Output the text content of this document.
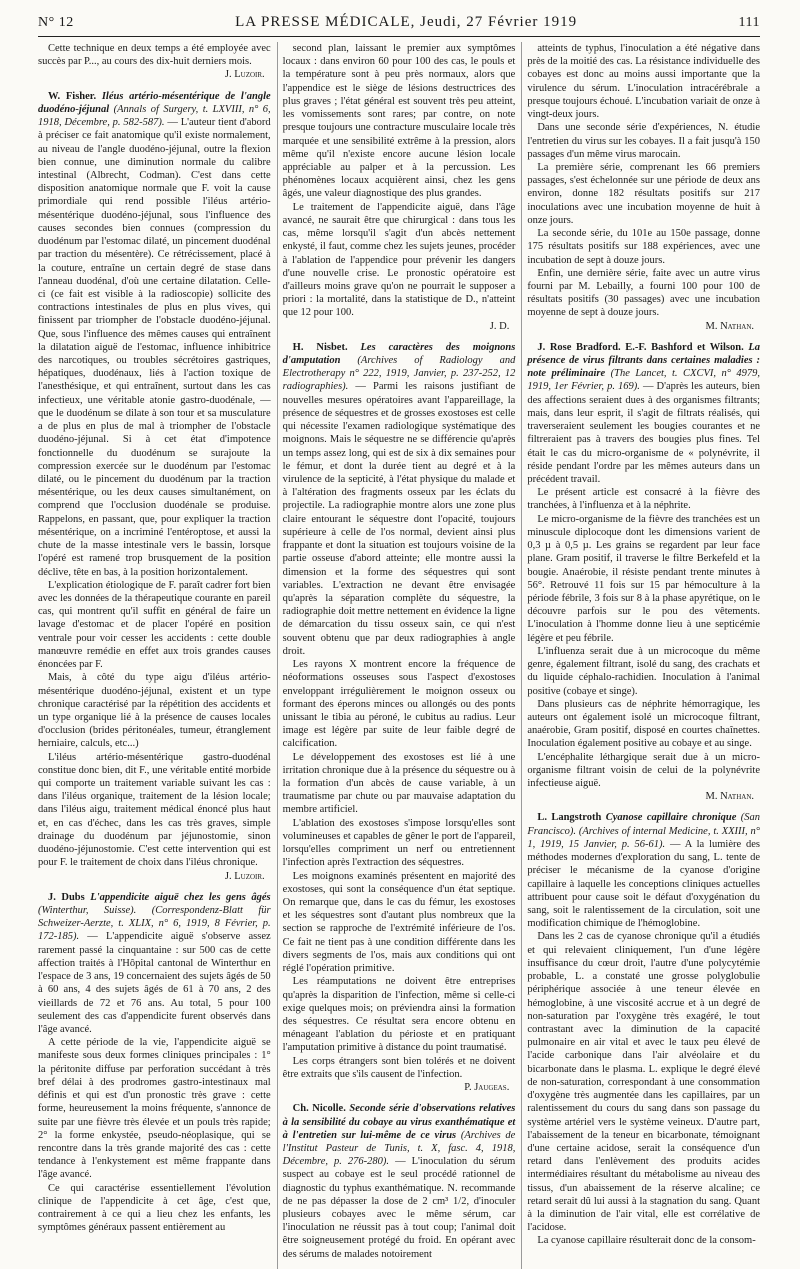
N° 12	LA PRESSE MÉDICALE, Jeudi, 27 Février 1919	111

Cette technique en deux temps a été employée avec succès par P..., au cours des dix-huit derniers mois.

J. Luzoir.

W. Fisher. Iléus artério-mésentérique de l'angle duodéno-jéjunal (Annals of Surgery, t. LXVIII, n° 6, 1918, Décembre, p. 582-587). — L'auteur tient d'abord à préciser ce fait anatomique qu'il existe normalement, au niveau de l'angle duodéno-jéjunal, outre la flexion bien connue, une diminution normale du calibre intestinal (Albrecht, Codman). C'est dans cette disposition anatomique normale que F. voit la cause primordiale qui rend possible l'iléus artério-mésentérique duodéno-jéjunal, sous l'influence des causes secondes bien connues (compression du duodénum par l'estomac dilaté, un pincement duodénal par traction du mésentère). Ce rétrécissement, placé à la couture, entraîne un certain degré de stase dans l'anneau duodénal, d'où une certaine dilatation. Celle-ci (ce fait est visible à la radioscopie) sollicite des contractions intestinales de plus en plus vives, qui finissent par triompher de l'obstacle duodéno-jéjunal. Que, sous l'influence des mêmes causes qui entraînent la dilatation aiguë de l'estomac, influence inhibitrice des narcotiques, ou troubles sécrétoires gastriques, hépatiques, duodénaux, liés à l'action toxique de l'anesthésique, et qui entraînent, surtout dans les cas infectieux, une véritable atonie gastro-duodénale, — que le duodénum se dilate à son tour et sa musculature a de plus en plus de mal à triompher de l'obstacle duodéno-jéjunal. Si à cet état d'impotence fonctionnelle du duodénum se surajoute la compression exercée sur le duodénum par l'estomac dilaté, ou le pincement du duodénum par la traction mésentérique, ou les deux causes simultanément, on comprend que l'occlusion duodénale se produise. Rappelons, en passant, que, pour expliquer la traction mésentérique, on a incriminé l'entéroptose, et aussi la chute de la masse intestinale vers le bassin, lorsque l'opéré est ramené trop brusquement de la position déclive, tête en bas, à la position horizontalement.

L'explication étiologique de F. paraît cadrer fort bien avec les données de la thérapeutique courante en pareil cas, qui montrent qu'il suffit en général de faire un lavage d'estomac et de placer l'opéré en position ventrale pour voir cesser les accidents : cette double manœuvre remédie en effet aux trois grandes causes énoncées par F.

Mais, à côté du type aigu d'iléus artério-mésentérique duodéno-jéjunal, existent et un type chronique caractérisé par la répétition des accidents et un type organique lié à la présence de causes locales d'occlusion (brides péritonéales, tumeur, étranglement herniaire, calculs, etc...)

L'iléus artério-mésentérique gastro-duodénal constitue donc bien, dit F., une véritable entité morbide qui comporte un traitement variable suivant les cas : dans l'iléus organique, traitement de la lésion locale; dans l'iléus aigu, traitement médical énoncé plus haut et, en cas d'échec, dans les cas très graves, simple drainage du duodénum par jéjunostomie, sinon duodéno-jéjunostomie. C'est cette intervention qui est pour F. le traitement de choix dans l'iléus chronique.

J. Luzoir.

J. Dubs L'appendicite aiguë chez les gens âgés (Winterthur, Suisse). (Correspondenz-Blatt für Schweizer-Aerzte, t. XLIX, n° 6, 1919, 8 Février, p. 172-185). — L'appendicite aiguë s'observe assez rarement passé la cinquantaine : sur 500 cas de cette affection traités à l'Hôpital cantonal de Winterthur en l'espace de 3 ans, 19 concernaient des sujets âgés de 50 à 60 ans, 4 des sujets âgés de 61 à 70 ans, 2 des vieillards de 72 et 76 ans. Au total, 5 pour 100 seulement des cas d'appendicite furent observés dans l'âge avancé.

A cette période de la vie, l'appendicite aiguë se manifeste sous deux formes cliniques principales : 1° la péritonite diffuse par perforation succédant à très bref délai à des prodromes gastro-intestinaux mal définis et qui est d'un pronostic très grave : cette forme, heureusement la moins fréquente, s'annonce de suite par une fièvre très élevée et un pouls très rapide; 2° la forme enkystée, pseudo-néoplasique, qui se rencontre dans la très grande majorité des cas : cette tendance à l'enkystement est même frappante dans l'âge avancé.

Ce qui caractérise essentiellement l'évolution clinique de l'appendicite à cet âge, c'est que, contrairement à ce qui a lieu chez les enfants, les symptômes généraux passent entièrement au

second plan, laissant le premier aux symptômes locaux : dans environ 60 pour 100 des cas, le pouls et la température sont à peu près normaux, alors que l'appendice est le siège de lésions destructrices des plus graves ; l'état général est souvent très peu atteint, les vomissements sont rares; par contre, on note presque toujours une contracture musculaire locale très marquée et une sensibilité extrême à la pression, alors même qu'il n'existe encore aucune lésion locale appréciable au palper et à la percussion. Les phénomènes locaux acquièrent ainsi, chez les gens âgés, une valeur diagnostique des plus grandes.

Le traitement de l'appendicite aiguë, dans l'âge avancé, ne saurait être que chirurgical : dans tous les cas, même lorsqu'il s'agit d'un abcès nettement enkysté, il faut, comme chez les sujets jeunes, procéder à l'ablation de l'appendice pour prévenir les dangers d'une nouvelle crise. Le pronostic opératoire est d'ailleurs moins grave qu'on ne pourrait le supposer a priori : la mortalité, dans la statistique de D., n'atteint que 12 pour 100.

J. D.

H. Nisbet. Les caractères des moignons d'amputation (Archives of Radiology and Electrotherapy n° 222, 1919, Janvier, p. 237-252, 12 radiographies). — Parmi les raisons justifiant de nouvelles mesures opératoires avant l'appareillage, la présence de séquestres et de grosses exostoses est celle qui nécessite l'examen radiologique systématique des moignons. Mais le séquestre ne se différencie qu'après un temps assez long, qui est de six à dix semaines pour le fémur, et dont la durée tient au degré et à la virulence de la septicité, à l'état physique du malade et à l'altération des fragments osseux par les éclats du projectile. La radiographie montre alors une zone plus claire entourant le séquestre dont l'opacité, toujours supérieure à celle de l'os normal, devient ainsi plus frappante et dont la situation est toujours voisine de la partie osseuse d'abord atteinte; elle montre aussi la dimension et la forme des séquestres qui sont variables. L'extraction ne devant être envisagée qu'après la séparation complète du séquestre, la radiographie doit mettre nettement en évidence la ligne de démarcation du tissu osseux sain, ce qui n'est souvent obtenu que par deux radiographies à angle droit.

Les rayons X montrent encore la fréquence de néoformations osseuses sous l'aspect d'exostoses enveloppant irrégulièrement le moignon osseux ou formant des éperons minces ou allongés ou des ponts unissant le tibia au péroné, le cubitus au radius. Leur image est légère par suite de leur faible degré de calcification.

Le développement des exostoses est lié à une irritation chronique due à la présence du séquestre ou à la formation d'un abcès de cause variable, à un traumatisme par chute ou par mauvaise adaptation du membre artificiel.

L'ablation des exostoses s'impose lorsqu'elles sont volumineuses et capables de gêner le port de l'appareil, lorsqu'elles compriment un nerf ou entretiennent l'infection après l'extraction des séquestres.

Les moignons examinés présentent en majorité des exostoses, qui sont la conséquence d'un état septique. On remarque que, dans le cas du fémur, les exostoses et les séquestres sont d'autant plus nombreux que la section se rapproche de l'extrémité inférieure de l'os. Ce fait ne tient pas à une condition différente dans les divers segments de l'os, mais aux conditions qui ont réglé l'opération primitive.

Les réamputations ne doivent être entreprises qu'après la disparition de l'infection, même si celle-ci exige quelques mois; on préviendra ainsi la formation des séquestres. Ce résultat sera encore obtenu en ménageant l'ablation du périoste et en pratiquant l'amputation primitive à distance du point traumatisé.

Les corps étrangers sont bien tolérés et ne doivent être extraits que s'ils causent de l'infection.

P. Jaugeas.

Ch. Nicolle. Seconde série d'observations relatives à la sensibilité du cobaye au virus exanthématique et à l'entretien sur lui-même de ce virus (Archives de l'Institut Pasteur de Tunis, t. X, fasc. 4, 1918, Décembre, p. 276-280). — L'inoculation du sérum suspect au cobaye est le seul procédé rationnel de diagnostic du typhus exanthématique. N. recommande de ne pas dépasser la dose de 2 cm³ 1/2, d'inoculer plusieurs cobayes avec le même sérum, car l'inoculation ne réussit pas à tout coup; l'animal doit être soigneusement protégé du froid. En opérant avec des sérums de malades notoirement

atteints de typhus, l'inoculation a été négative dans près de la moitié des cas. La résistance individuelle des cobayes est donc au moins aussi importante que la virulence du sérum. L'inoculation intracérébrale a presque toujours échoué. L'incubation variait de onze à vingt-deux jours.

Dans une seconde série d'expériences, N. étudie l'entretien du virus sur les cobayes. Il a fait jusqu'à 150 passages d'un même virus marocain.

La première série, comprenant les 66 premiers passages, s'est échelonnée sur une période de deux ans environ, donne 182 résultats positifs sur 217 inoculations avec une incubation moyenne de huit à onze jours.

La seconde série, du 101e au 150e passage, donne 175 résultats positifs sur 188 expériences, avec une incubation de sept à douze jours.

Enfin, une dernière série, faite avec un autre virus fourni par M. Lebailly, a fourni 100 pour 100 de résultats positifs (30 passages) avec une incubation moyenne de sept à douze jours.

M. Nathan.

J. Rose Bradford. E.-F. Bashford et Wilson. La présence de virus filtrants dans certaines maladies : note préliminaire (The Lancet, t. CXCVI, n° 4979, 1919, 1er Février, p. 169). — D'après les auteurs, bien des affections seraient dues à des organismes filtrants; mais, dans leur esprit, il s'agit de filtrats réalisés, qui traverseraient seulement les bougies courantes et ne filtreraient pas à travers des bougies plus fines. Tel était le cas du micro-organisme de « polynévrite, il réside pendant l'ordre par les mêmes auteurs dans un précédent travail.

Le présent article est consacré à la fièvre des tranchées, à l'influenza et à la néphrite.

Le micro-organisme de la fièvre des tranchées est un minuscule diplocoque dont les dimensions varient de 0,3 µ à 0,5 µ. Les grains se regardent par leur face plane. Gram positif, il traverse le filtre Berkefeld et la bougie. Anaérobie, il résiste pendant trente minutes à 56°. Retrouvé 11 fois sur 15 par hémoculture à la période fébrile, 3 fois sur 8 à la phase apyrétique, on le découvre parfois sur le pou des vêtements. L'inoculation à l'homme donne lieu à une septicémie légère et peu fébrile.

L'influenza serait due à un microcoque du même genre, également filtrant, isolé du sang, des crachats et du liquide céphalo-rachidien. Inoculation à l'animal positive (cobaye et singe).

Dans plusieurs cas de néphrite hémorragique, les auteurs ont également isolé un microcoque filtrant, anaérobie, Gram positif, disposé en courtes chaînettes. Inoculation également positive au cobaye et au singe.

L'encéphalite léthargique serait due à un micro-organisme filtrant voisin de celui de la polynévrite infectieuse aiguë.

M. Nathan.

L. Langstroth Cyanose capillaire chronique (San Francisco). (Archives of internal Medicine, t. XXIII, n° 1, 1919, 15 Janvier, p. 56-61). — A la lumière des méthodes modernes d'exploration du sang, L. tente de préciser le mécanisme de la cyanose d'origine capillaire à laquelle les conceptions cliniques actuelles attribuent pour cause soit le défaut d'oxygénation du sang, soit le ralentissement de la circulation, soit une modification chimique de l'hémoglobine.

Dans les 2 cas de cyanose chronique qu'il a étudiés et qui relevaient cliniquement, l'un d'une légère insuffisance du cœur droit, l'autre d'une polycytémie probable, L. a constaté une grosse polyglobulie périphérique associée à une teneur élevée en hémoglobine, à une viscosité accrue et à un degré de non-saturation par l'oxygène très exagéré, le tout contrastant avec la diminution de la capacité pulmonaire en air vital et avec le taux peu élevé de l'acide carbonique dans l'air alvéolaire et du bicarbonate dans le plasma. L. explique le degré élevé de non-saturation, correspondant à une consommation d'oxygène très augmentée dans les capillaires, par un ralentissement du cours du sang dans son passage du système artériel vers le système veineux. D'autre part, l'abaissement de la teneur en bicarbonate, témoignant d'une certaine acidose, serait la conséquence d'un retard dans l'enlèvement des produits acides intermédiaires résultant du métabolisme au niveau des tissus, d'un abaissement de la réserve alcaline; ce retard serait dû lui aussi à la stagnation du sang. Quant à la diminution de l'air vital, elle est corrélative de l'acidose.

La cyanose capillaire résulterait donc de la consom-
